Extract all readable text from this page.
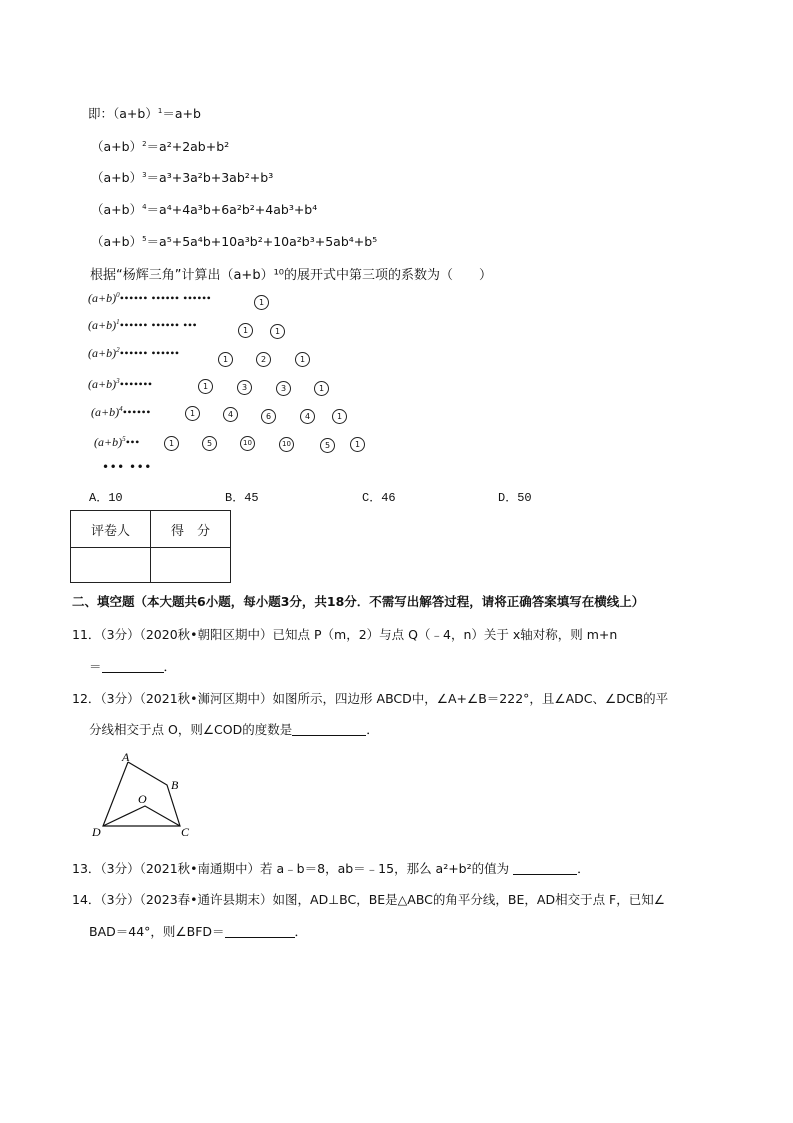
即：$(a+b)^1=a+b$
$(a+b)^2=a^2+2ab+b^2$
$(a+b)^3=a^3+3a^2b+3ab^2+b^3$
$(a+b)^4=a^4+4a^3b+6a^2b^2+4ab^3+b^4$
$(a+b)^5=a^5+5a^4b+10a^3b^2+10a^2b^3+5ab^4+b^5$
根据“杨辉三角”计算出（a+b）¹⁰的展开式中第三项的系数为（　　）
$(a+b)^0••••••$ •••••• ••••••
$(a+b)^1••••••$ •••••• •••
$(a+b)^2••••••$ ••••••
$(a+b)^3•••••••$
$(a+b)^4••••••$
$(a+b)^5•••$
••• •••
1
1	1
1	2	1
1	3	3	1
1	4	6	4	1
1	5	10	10	5	1
A．10	B．45	C．46	D．50
评卷人	得　分

二、填空题（本大题共6小题，每小题3分，共18分．不需写出解答过程，请将正确答案填写在横线上）
11．（3分）（2020秋•朝阳区期中）已知点 P（m，2）与点 Q（﹣4，n）关于 x轴对称，则 m+n
＝	．
12．（3分）（2021秋•浉河区期中）如图所示，四边形 ABCD中，∠A+∠B＝222°，且∠ADC、∠DCB的平
分线相交于点 O，则∠COD的度数是	．
A
B
O
D	C
13．（3分）（2021秋•南通期中）若 a﹣b＝8，ab＝﹣15，那么 a²+b²的值为	．
14．（3分）（2023春•通许县期末）如图，AD⊥BC，BE是△ABC的角平分线，BE，AD相交于点 F，已知∠
BAD＝44°，则∠BFD＝	．
